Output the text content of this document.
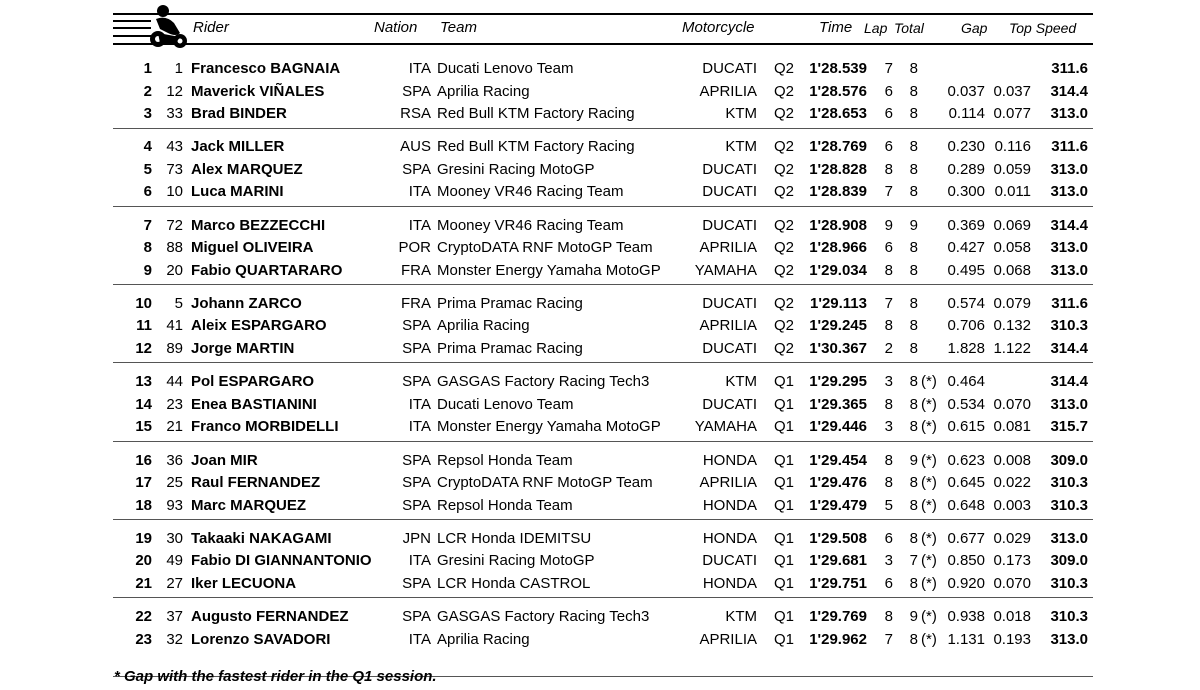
Rider	Nation Team	Motorcycle	Time Lap Total	Gap Top Speed
1	1 Francesco BAGNAIA	ITA Ducati Lenovo Team	DUCATI Q2	1'28.539	7	8	311.6
2 12 Maverick VIÑALES	SPA Aprilia Racing	APRILIA Q2	1'28.576	6	8	0.037 0.037	314.4
3 33 Brad BINDER	RSA Red Bull KTM Factory Racing	KTM Q2	1'28.653	6	8	0.114 0.077	313.0
4 43 Jack MILLER	AUS Red Bull KTM Factory Racing	KTM Q2	1'28.769	6	8	0.230 0.116	311.6
5 73 Alex MARQUEZ	SPA Gresini Racing MotoGP	DUCATI Q2	1'28.828	8	8	0.289 0.059	313.0
6 10 Luca MARINI	ITA Mooney VR46 Racing Team	DUCATI Q2	1'28.839	7	8	0.300 0.011	313.0
7 72 Marco BEZZECCHI	ITA Mooney VR46 Racing Team	DUCATI Q2	1'28.908	9	9	0.369 0.069	314.4
8 88 Miguel OLIVEIRA	POR CryptoDATA RNF MotoGP Team	APRILIA Q2	1'28.966	6	8	0.427 0.058	313.0
9 20 Fabio QUARTARARO	FRA Monster Energy Yamaha MotoGP	YAMAHA Q2	1'29.034	8	8	0.495 0.068	313.0
10	5 Johann ZARCO	FRA Prima Pramac Racing	DUCATI Q2	1'29.113	7	8	0.574 0.079	311.6
11 41 Aleix ESPARGARO	SPA Aprilia Racing	APRILIA Q2	1'29.245	8	8	0.706 0.132	310.3
12 89 Jorge MARTIN	SPA Prima Pramac Racing	DUCATI Q2	1'30.367	2	8	1.828 1.122	314.4
13 44 Pol ESPARGARO	SPA GASGAS Factory Racing Tech3	KTM Q1	1'29.295	3	8 (*) 0.464	314.4
14 23 Enea BASTIANINI	ITA Ducati Lenovo Team	DUCATI Q1	1'29.365	8	8 (*) 0.534 0.070	313.0
15 21 Franco MORBIDELLI	ITA Monster Energy Yamaha MotoGP	YAMAHA Q1	1'29.446	3	8 (*) 0.615 0.081	315.7
16 36 Joan MIR	SPA Repsol Honda Team	HONDA Q1	1'29.454	8	9 (*) 0.623 0.008	309.0
17 25 Raul FERNANDEZ	SPA CryptoDATA RNF MotoGP Team	APRILIA Q1	1'29.476	8	8 (*) 0.645 0.022	310.3
18 93 Marc MARQUEZ	SPA Repsol Honda Team	HONDA Q1	1'29.479	5	8 (*) 0.648 0.003	310.3
19 30 Takaaki NAKAGAMI	JPN LCR Honda IDEMITSU	HONDA Q1	1'29.508	6	8 (*) 0.677 0.029	313.0
20 49 Fabio DI GIANNANTONIO	ITA Gresini Racing MotoGP	DUCATI Q1	1'29.681	3	7 (*) 0.850 0.173	309.0
21 27 Iker LECUONA	SPA LCR Honda CASTROL	HONDA Q1	1'29.751	6	8 (*) 0.920 0.070	310.3
22 37 Augusto FERNANDEZ	SPA GASGAS Factory Racing Tech3	KTM Q1	1'29.769	8	9 (*) 0.938 0.018	310.3
23 32 Lorenzo SAVADORI	ITA Aprilia Racing	APRILIA Q1	1'29.962	7	8 (*) 1.131 0.193	313.0
* Gap with the fastest rider in the Q1 session.
